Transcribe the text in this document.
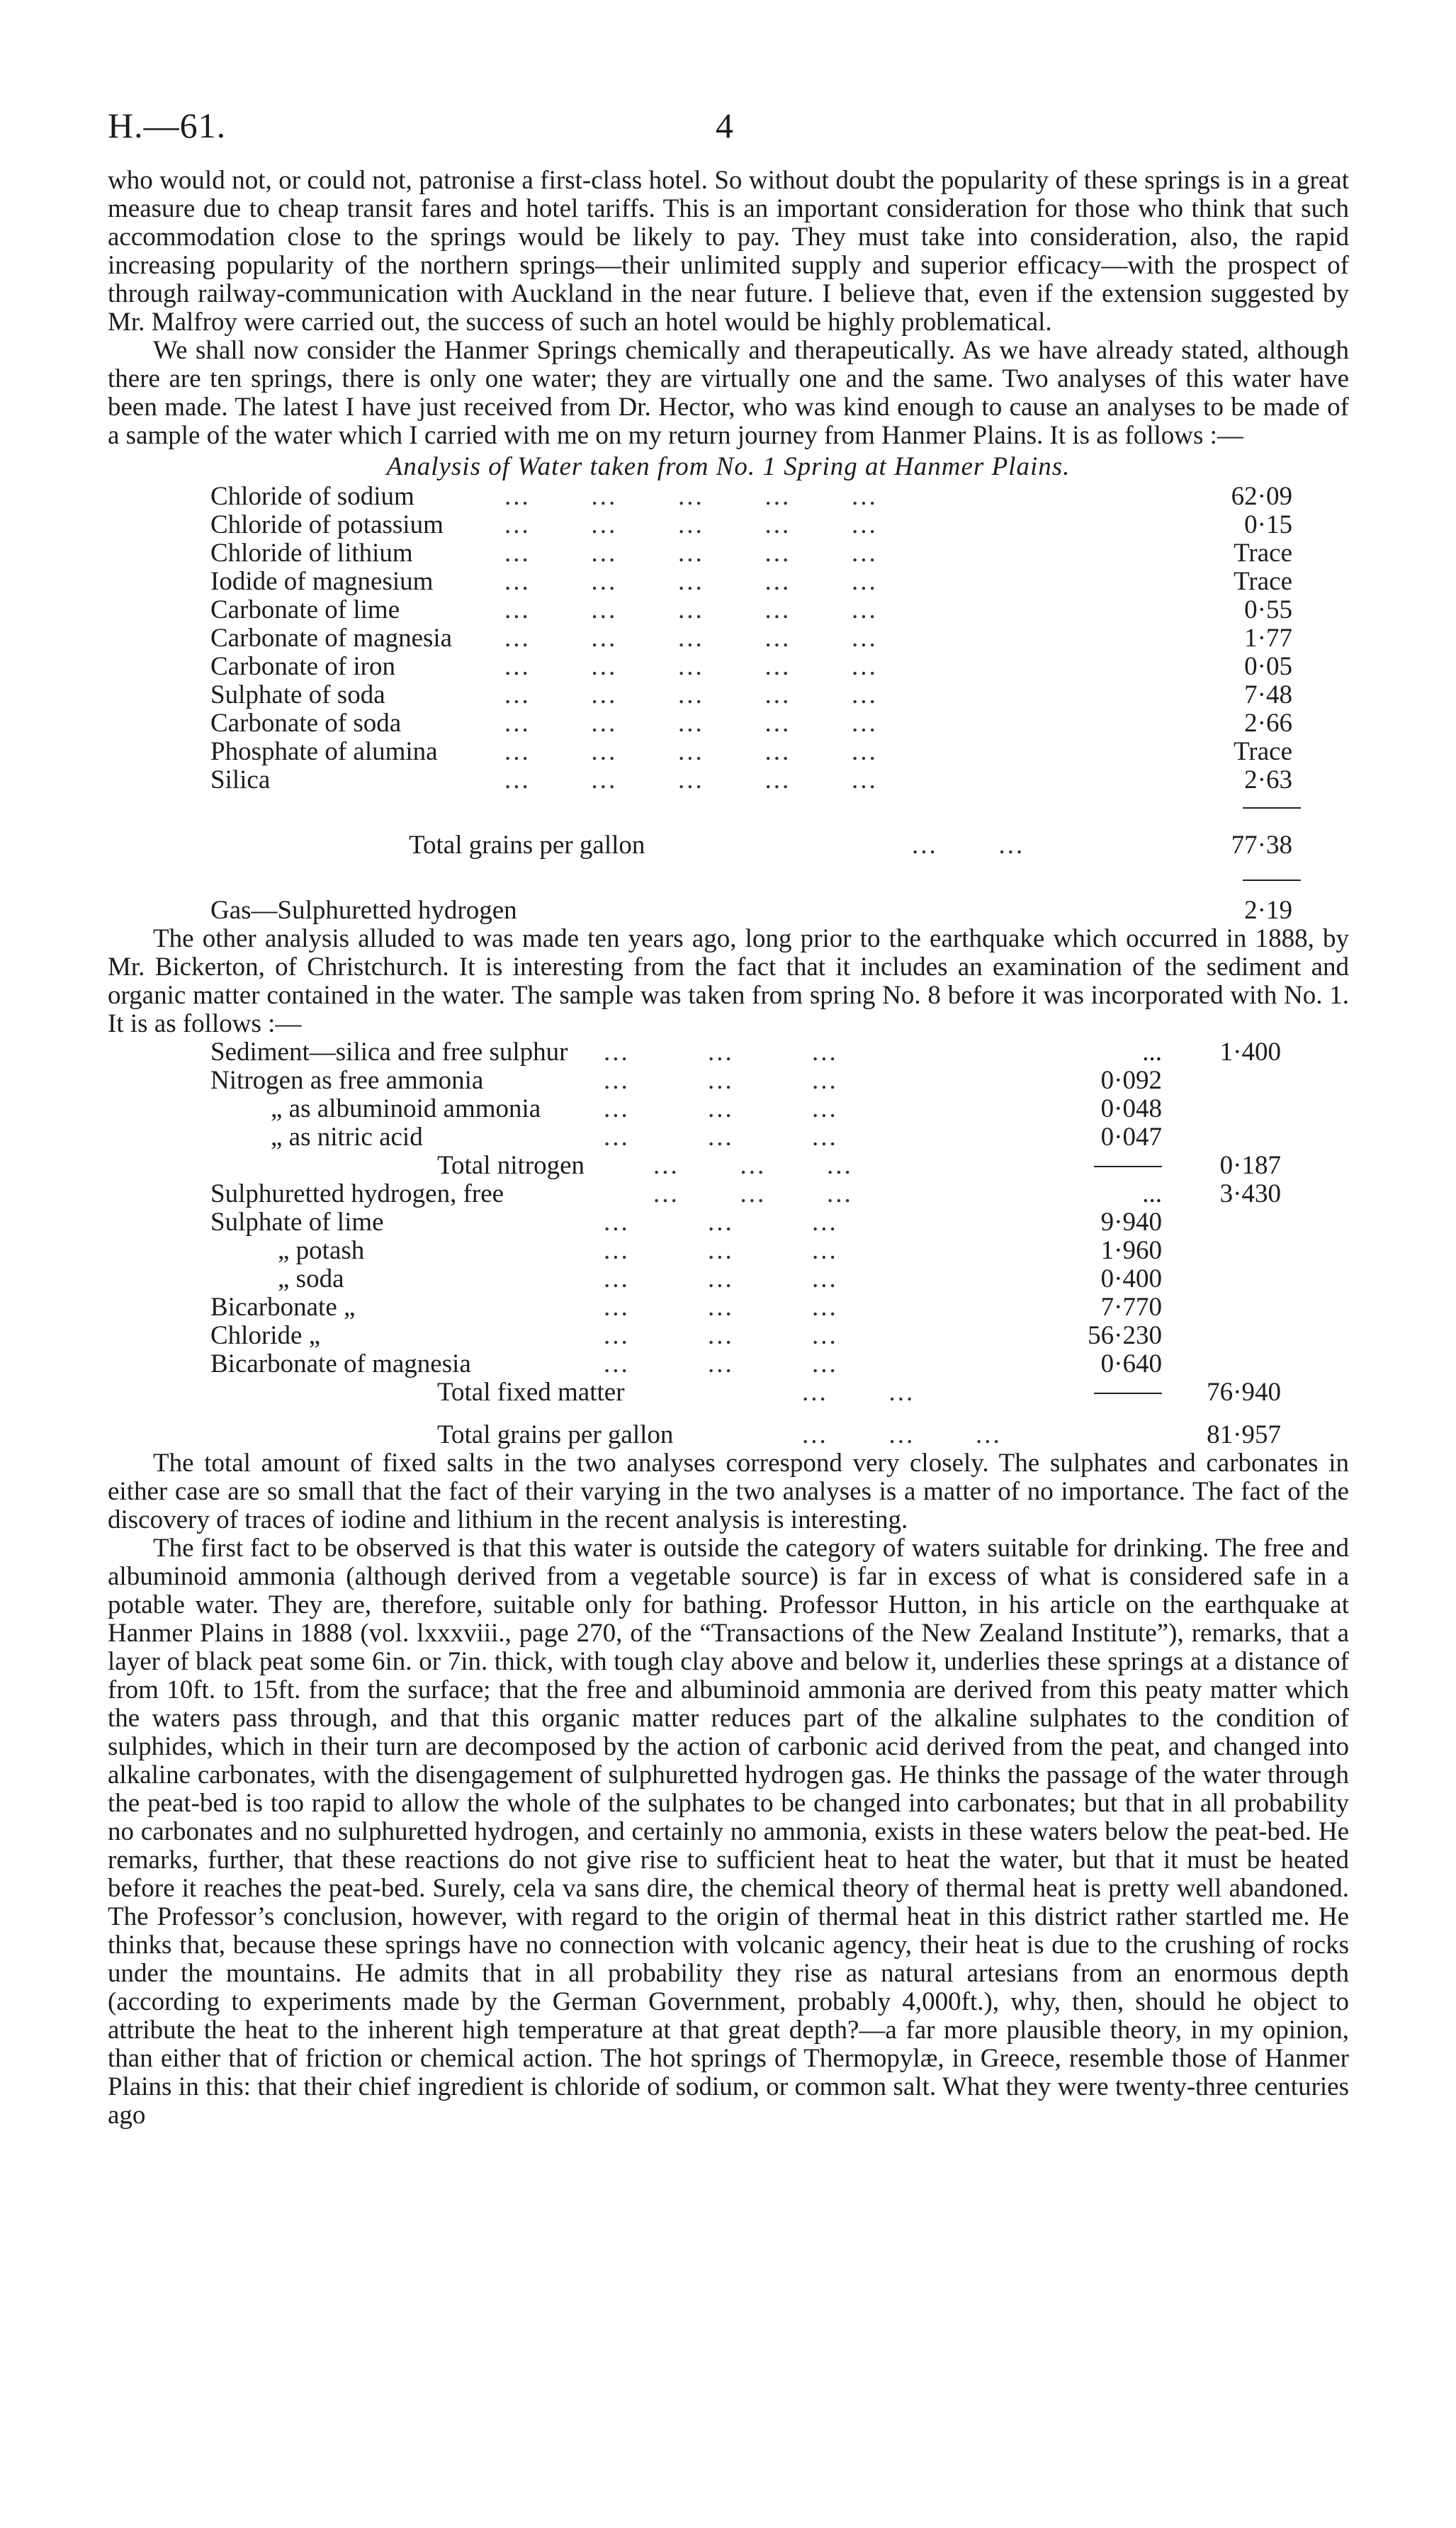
H.—61.	4

who would not, or could not, patronise a first-class hotel. So without doubt the popularity of these springs is in a great measure due to cheap transit fares and hotel tariffs. This is an important consideration for those who think that such accommodation close to the springs would be likely to pay. They must take into consideration, also, the rapid increasing popularity of the northern springs—their unlimited supply and superior efficacy—with the prospect of through railway-communication with Auckland in the near future. I believe that, even if the extension suggested by Mr. Malfroy were carried out, the success of such an hotel would be highly problematical.

We shall now consider the Hanmer Springs chemically and therapeutically. As we have already stated, although there are ten springs, there is only one water; they are virtually one and the same. Two analyses of this water have been made. The latest I have just received from Dr. Hector, who was kind enough to cause an analyses to be made of a sample of the water which I carried with me on my return journey from Hanmer Plains. It is as follows :—

Analysis of Water taken from No. 1 Spring at Hanmer Plains.
Chloride of sodium	...       ...       ...       ...       ...	62·09
Chloride of potassium ...       ...       ...       ...       ...	0·15
Chloride of lithium	...       ...       ...       ...       ...	Trace
Iodide of magnesium	...       ...       ...       ...       ...	Trace
Carbonate of lime	...       ...       ...       ...       ...	0·55
Carbonate of magnesia ...       ...       ...       ...       ...	1·77
Carbonate of iron	...       ...       ...       ...       ...	0·05
Sulphate of soda	...       ...       ...       ...       ...	7·48
Carbonate of soda	...       ...       ...       ...       ...	2·66
Phosphate of alumina	...       ...       ...       ...       ...	Trace
Silica	...       ...       ...       ...       ...	2·63
Total grains per gallon	...       ...	77·38
Gas—Sulphuretted hydrogen	2·19

The other analysis alluded to was made ten years ago, long prior to the earthquake which occurred in 1888, by Mr. Bickerton, of Christchurch. It is interesting from the fact that it includes an examination of the sediment and organic matter contained in the water. The sample was taken from spring No. 8 before it was incorporated with No. 1. It is as follows :—

Sediment—silica and free sulphur ...         ...         ...	... 1·400
Nitrogen as free ammonia	...         ...         ...	0·092
„ as albuminoid ammonia ...         ...         ...	0·048
„ as nitric acid	...         ...         ...	0·047
Total nitrogen	...       ...       ...	0·187
Sulphuretted hydrogen, free	...       ...       ...	... 3·430
Sulphate of lime	...         ...         ...	9·940
„ potash	...         ...         ...	1·960
„ soda	...         ...         ...	0·400
Bicarbonate „	...         ...         ...	7·770
Chloride „	...         ...         ...	56·230
Bicarbonate of magnesia	...         ...         ...	0·640
Total fixed matter	...       ...	76·940
Total grains per gallon	...       ...       ...	81·957

The total amount of fixed salts in the two analyses correspond very closely. The sulphates and carbonates in either case are so small that the fact of their varying in the two analyses is a matter of no importance. The fact of the discovery of traces of iodine and lithium in the recent analysis is interesting.

The first fact to be observed is that this water is outside the category of waters suitable for drinking. The free and albuminoid ammonia (although derived from a vegetable source) is far in excess of what is considered safe in a potable water. They are, therefore, suitable only for bathing. Professor Hutton, in his article on the earthquake at Hanmer Plains in 1888 (vol. lxxxviii., page 270, of the “Transactions of the New Zealand Institute”), remarks, that a layer of black peat some 6in. or 7in. thick, with tough clay above and below it, underlies these springs at a distance of from 10ft. to 15ft. from the surface; that the free and albuminoid ammonia are derived from this peaty matter which the waters pass through, and that this organic matter reduces part of the alkaline sulphates to the condition of sulphides, which in their turn are decomposed by the action of carbonic acid derived from the peat, and changed into alkaline carbonates, with the disengagement of sulphuretted hydrogen gas. He thinks the passage of the water through the peat-bed is too rapid to allow the whole of the sulphates to be changed into carbonates; but that in all probability no carbonates and no sulphuretted hydrogen, and certainly no ammonia, exists in these waters below the peat-bed. He remarks, further, that these reactions do not give rise to sufficient heat to heat the water, but that it must be heated before it reaches the peat-bed. Surely, cela va sans dire, the chemical theory of thermal heat is pretty well abandoned. The Professor’s conclusion, however, with regard to the origin of thermal heat in this district rather startled me. He thinks that, because these springs have no connection with volcanic agency, their heat is due to the crushing of rocks under the mountains. He admits that in all probability they rise as natural artesians from an enormous depth (according to experiments made by the German Government, probably 4,000ft.), why, then, should he object to attribute the heat to the inherent high temperature at that great depth?—a far more plausible theory, in my opinion, than either that of friction or chemical action. The hot springs of Thermopylæ, in Greece, resemble those of Hanmer Plains in this: that their chief ingredient is chloride of sodium, or common salt. What they were twenty-three centuries ago
